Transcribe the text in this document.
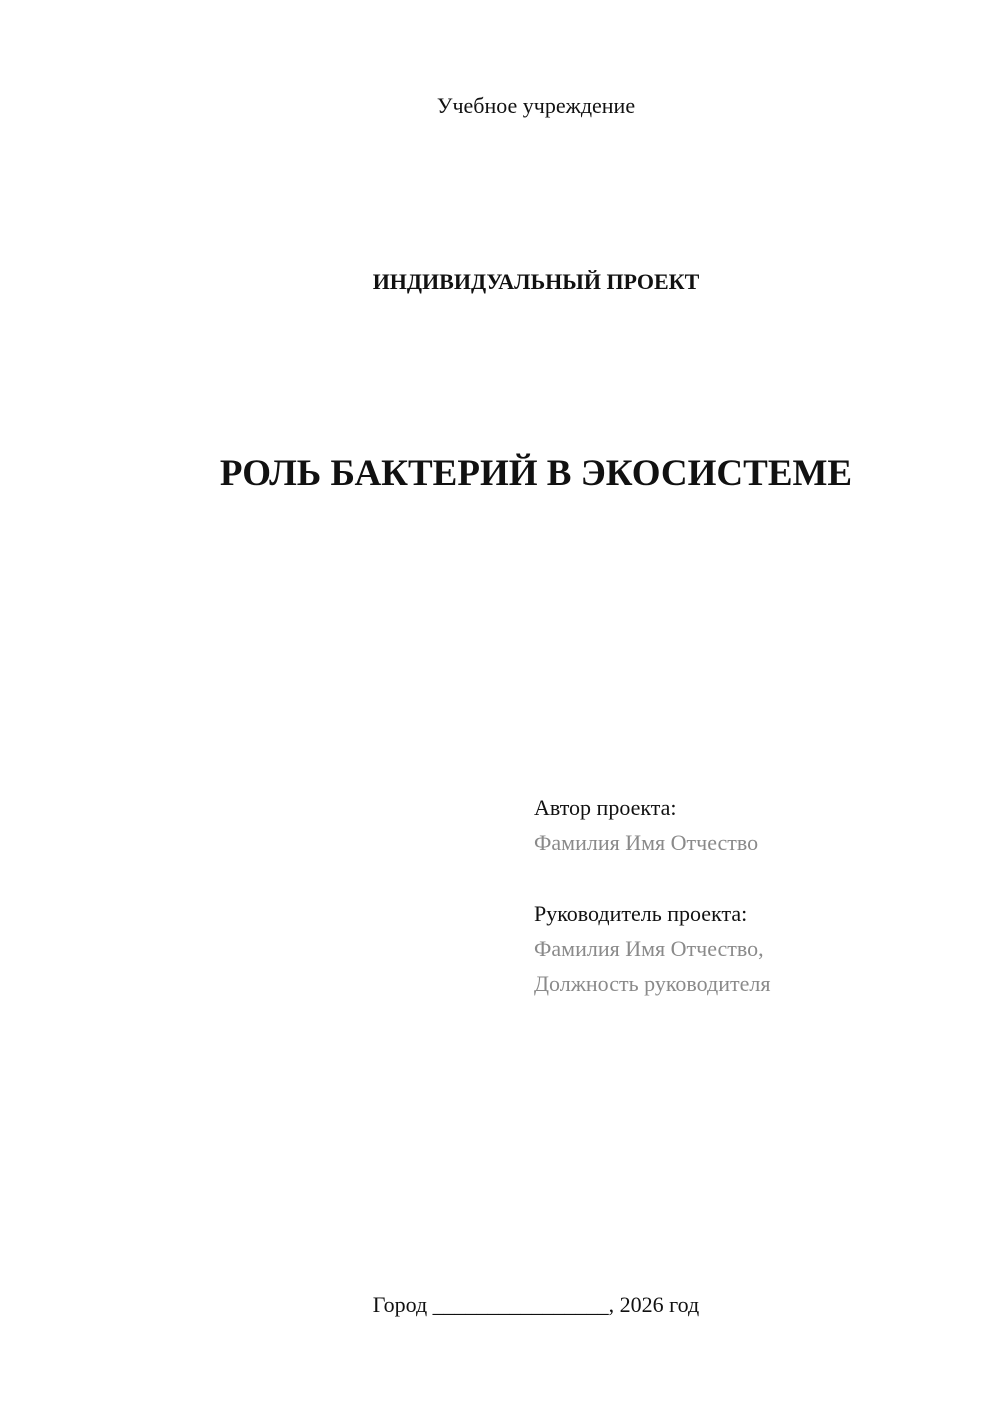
Учебное учреждение
ИНДИВИДУАЛЬНЫЙ ПРОЕКТ
РОЛЬ БАКТЕРИЙ В ЭКОСИСТЕМЕ
Автор проекта:
Фамилия Имя Отчество
Руководитель проекта:
Фамилия Имя Отчество,
Должность руководителя
Город ________________, 2026 год
